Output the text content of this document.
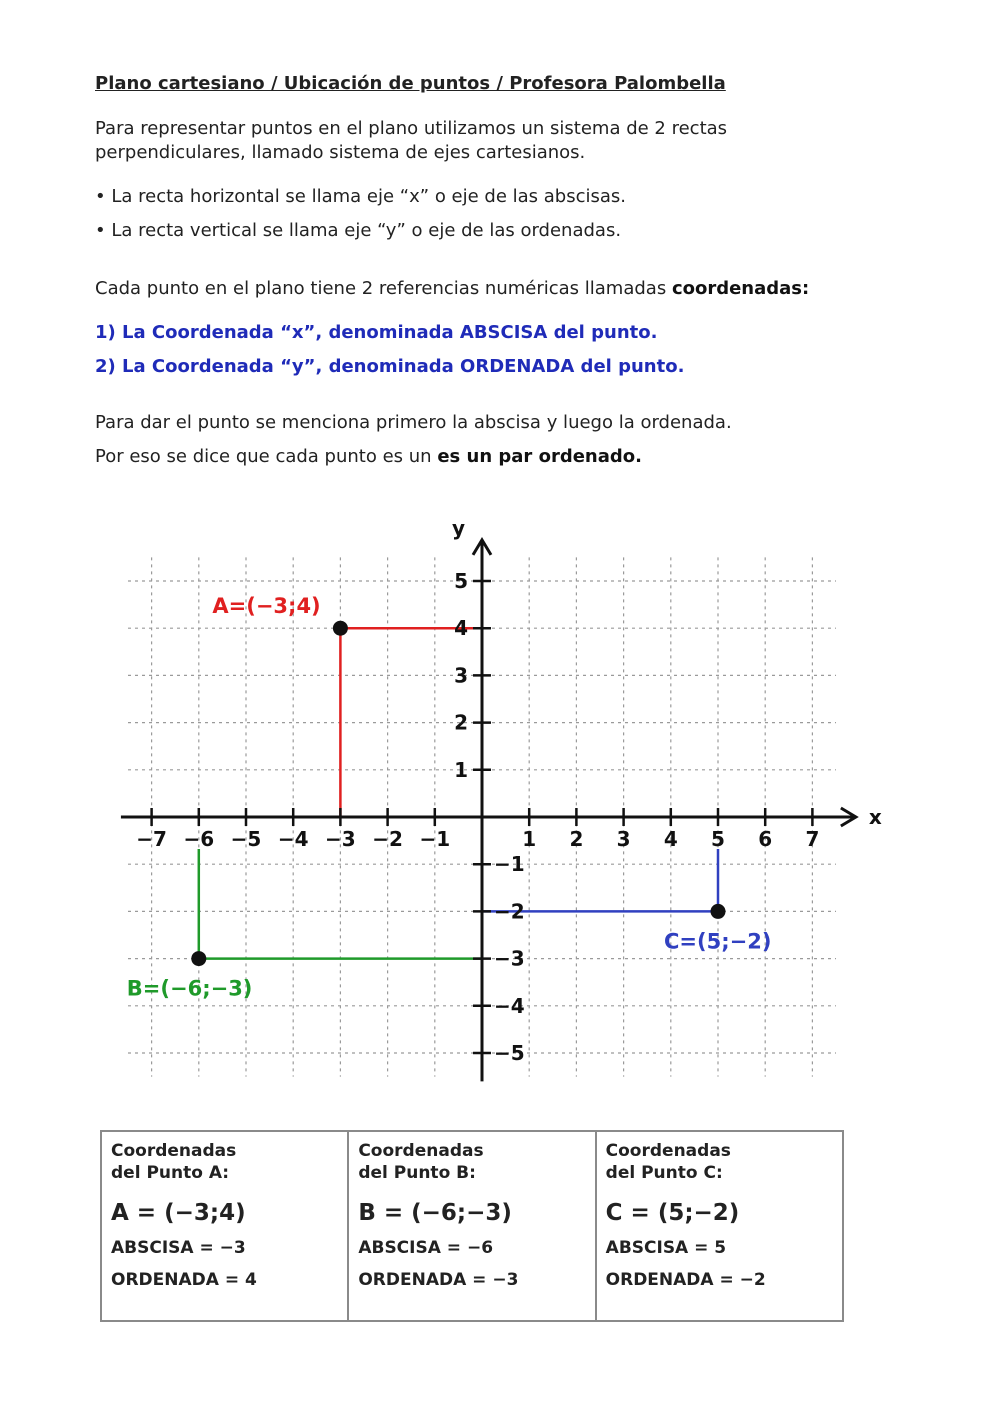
Plano cartesiano / Ubicación de puntos / Profesora Palombella
Para representar puntos en el plano utilizamos un sistema de 2 rectas perpendiculares, llamado sistema de ejes cartesianos.
• La recta horizontal se llama eje “x” o eje de las abscisas.
• La recta vertical se llama eje “y” o eje de las ordenadas.
Cada punto en el plano tiene 2 referencias numéricas llamadas coordenadas:
1) La Coordenada “x”, denominada ABSCISA del punto.
2) La Coordenada “y”, denominada ORDENADA del punto.
Para dar el punto se menciona primero la abscisa y luego la ordenada.
Por eso se dice que cada punto es un es un par ordenado.
x
y
−7 −6 −5 −4 −3 −2 −1	1 2 3 4 5 6 7
5
4
3
2
1
−1
−2
−3
−4
−5
A=(−3;4)
B=(−6;−3)
C=(5;−2)
Coordenadas
del Punto A:
A = (−3;4)
ABSCISA = −3
ORDENADA = 4

Coordenadas
del Punto B:
B = (−6;−3)
ABSCISA = −6
ORDENADA = −3

Coordenadas
del Punto C:
C = (5;−2)
ABSCISA = 5
ORDENADA = −2
